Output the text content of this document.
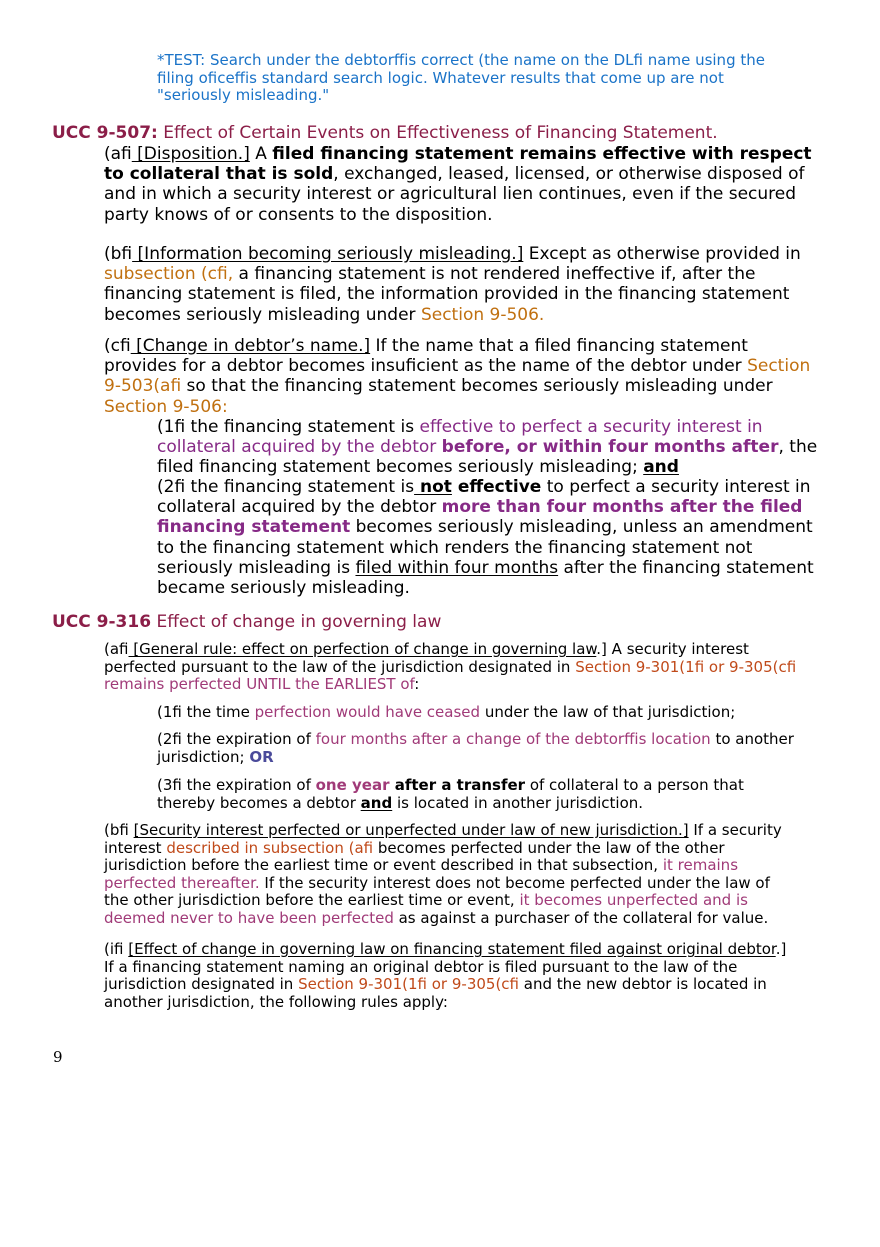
*TEST: Search under the debtorﬀis correct (the name on the DLﬁ name using the
filing oﬁceﬀis standard search logic. Whatever results that come up are not
"seriously misleading."
UCC 9-507: Effect of Certain Events on Effectiveness of Financing Statement.
(aﬁ [Disposition.] A filed financing statement remains effective with respect
to collateral that is sold, exchanged, leased, licensed, or otherwise disposed of
and in which a security interest or agricultural lien continues, even if the secured
party knows of or consents to the disposition.
(bﬁ [Information becoming seriously misleading.] Except as otherwise provided in
subsection (cﬁ, a financing statement is not rendered ineffective if, after the
financing statement is filed, the information provided in the financing statement
becomes seriously misleading under Section 9-506.
(cﬁ [Change in debtor’s name.] If the name that a filed financing statement
provides for a debtor becomes insuﬁcient as the name of the debtor under Section
9-503(aﬁ so that the financing statement becomes seriously misleading under
Section 9-506:
(1ﬁ the financing statement is effective to perfect a security interest in
collateral acquired by the debtor before, or within four months after, the
filed financing statement becomes seriously misleading; and
(2ﬁ the financing statement is not effective to perfect a security interest in
collateral acquired by the debtor more than four months after the filed
financing statement becomes seriously misleading, unless an amendment
to the financing statement which renders the financing statement not
seriously misleading is filed within four months after the financing statement
became seriously misleading.
UCC 9-316 Effect of change in governing law
(aﬁ [General rule: effect on perfection of change in governing law.] A security interest
perfected pursuant to the law of the jurisdiction designated in Section 9-301(1ﬁ or 9-305(cﬁ
remains perfected UNTIL the EARLIEST of:
(1ﬁ the time perfection would have ceased under the law of that jurisdiction;
(2ﬁ the expiration of four months after a change of the debtorﬀis location to another
jurisdiction; OR
(3ﬁ the expiration of one year after a transfer of collateral to a person that
thereby becomes a debtor and is located in another jurisdiction.
(bﬁ [Security interest perfected or unperfected under law of new jurisdiction.] If a security
interest described in subsection (aﬁ becomes perfected under the law of the other
jurisdiction before the earliest time or event described in that subsection, it remains
perfected thereafter. If the security interest does not become perfected under the law of
the other jurisdiction before the earliest time or event, it becomes unperfected and is
deemed never to have been perfected as against a purchaser of the collateral for value.
(iﬁ [Effect of change in governing law on financing statement filed against original debtor.]
If a financing statement naming an original debtor is filed pursuant to the law of the
jurisdiction designated in Section 9-301(1ﬁ or 9-305(cﬁ and the new debtor is located in
another jurisdiction, the following rules apply:
9
